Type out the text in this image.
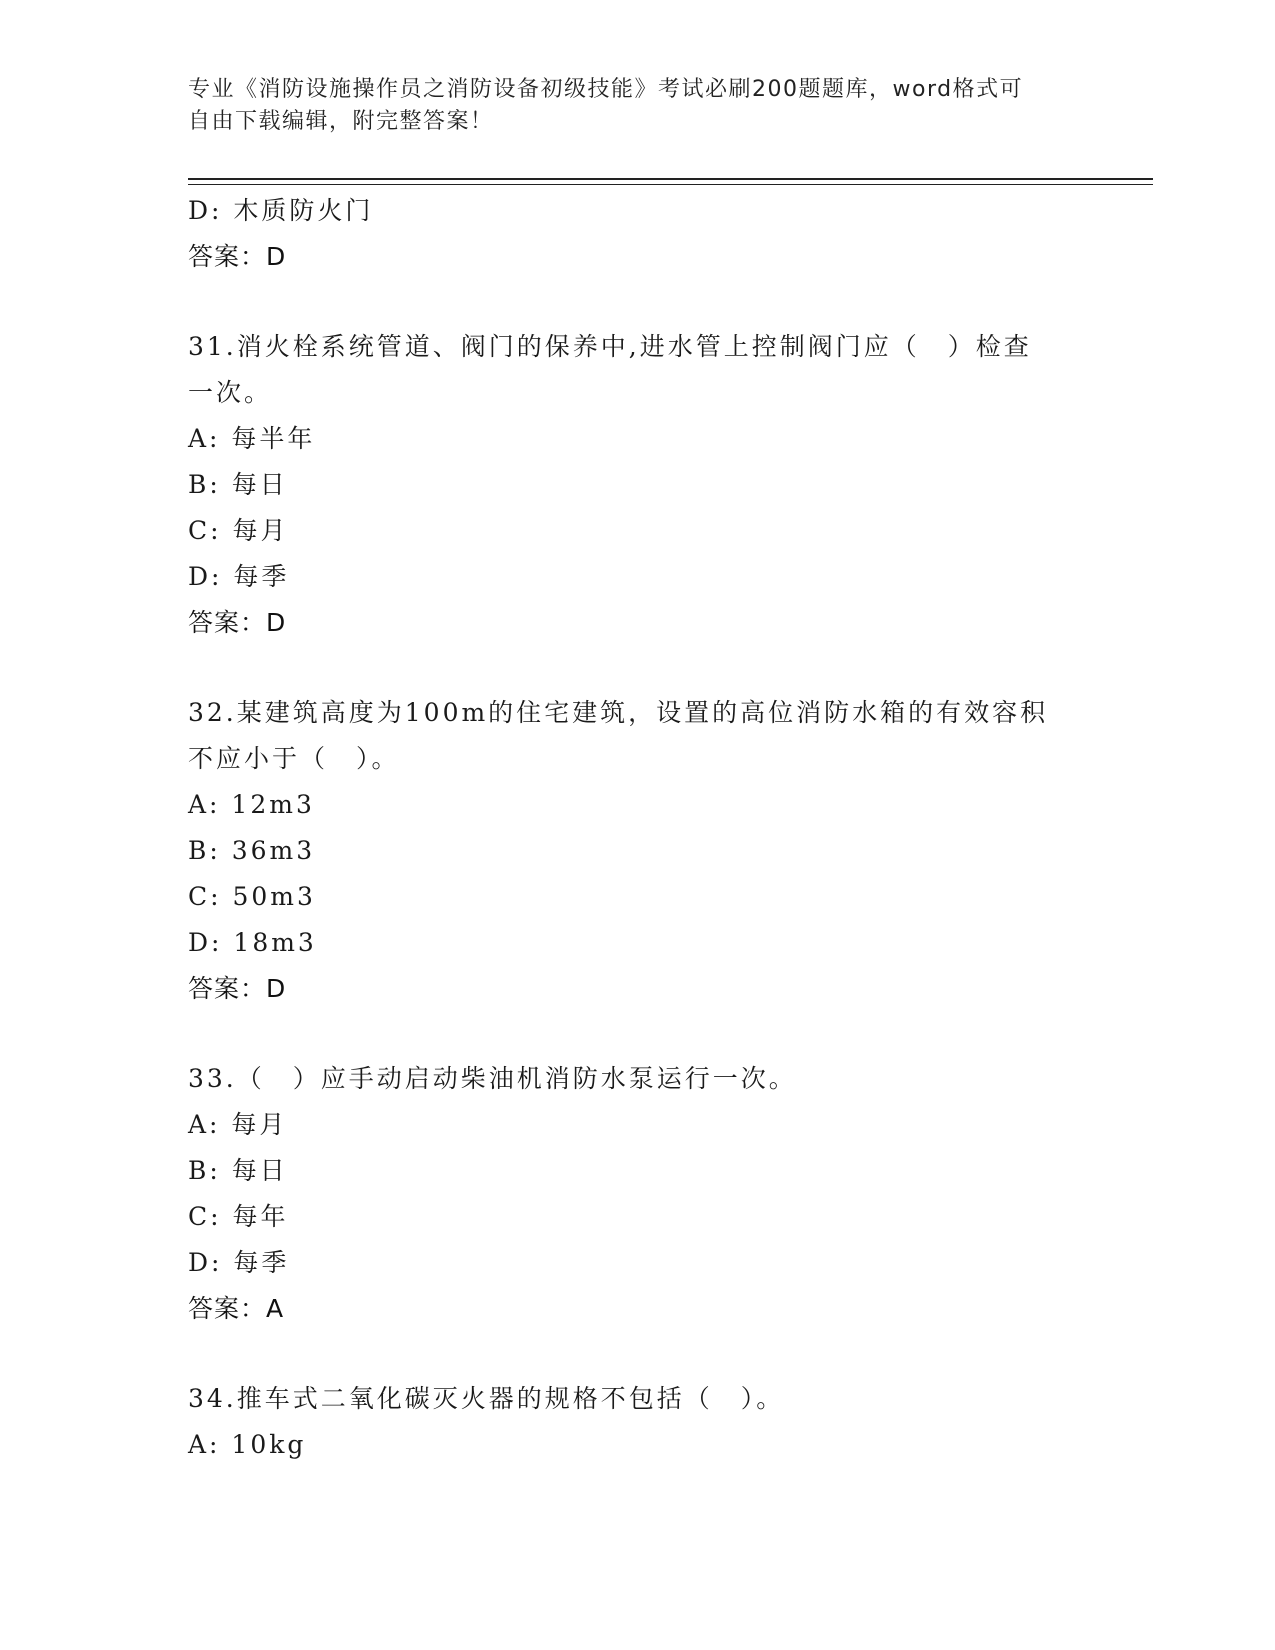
专业《消防设施操作员之消防设备初级技能》考试必刷200题题库，word格式可
自由下载编辑，附完整答案！
D: 木质防火门
答案：D
31.消火栓系统管道、阀门的保养中,进水管上控制阀门应（　）检查
一次。
A: 每半年
B: 每日
C: 每月
D: 每季
答案：D
32.某建筑高度为100m的住宅建筑，设置的高位消防水箱的有效容积
不应小于（　）。
A: 12m3
B: 36m3
C: 50m3
D: 18m3
答案：D
33.（　）应手动启动柴油机消防水泵运行一次。
A: 每月
B: 每日
C: 每年
D: 每季
答案：A
34.推车式二氧化碳灭火器的规格不包括（　）。
A: 10kg
